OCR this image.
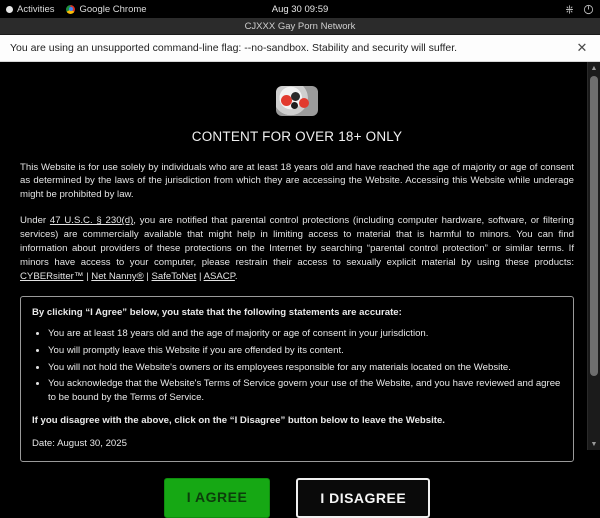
Activities	Google Chrome	Aug 30 09:59
CJXXX Gay Porn Network
You are using an unsupported command-line flag: --no-sandbox. Stability and security will suffer.	✕
CONTENT FOR OVER 18+ ONLY

This Website is for use solely by individuals who are at least 18 years old and have reached the age of majority or age of consent as determined by the laws of the jurisdiction from which they are accessing the Website. Accessing this Website while underage might be prohibited by law.

Under 47 U.S.C. § 230(d), you are notified that parental control protections (including computer hardware, software, or filtering services) are commercially available that might help in limiting access to material that is harmful to minors. You can find information about providers of these protections on the Internet by searching “parental control protection” or similar terms. If minors have access to your computer, please restrain their access to sexually explicit material by using these products: CYBERsitter™ | Net Nanny® | SafeToNet | ASACP.

By clicking “I Agree” below, you state that the following statements are accurate:

• You are at least 18 years old and the age of majority or age of consent in your jurisdiction.
• You will promptly leave this Website if you are offended by its content.
• You will not hold the Website's owners or its employees responsible for any materials located on the Website.
• You acknowledge that the Website's Terms of Service govern your use of the Website, and you have reviewed and agree to be bound by the Terms of Service.

If you disagree with the above, click on the “I Disagree” button below to leave the Website.

Date: August 30, 2025

I AGREE	I DISAGREE
▲
▼
